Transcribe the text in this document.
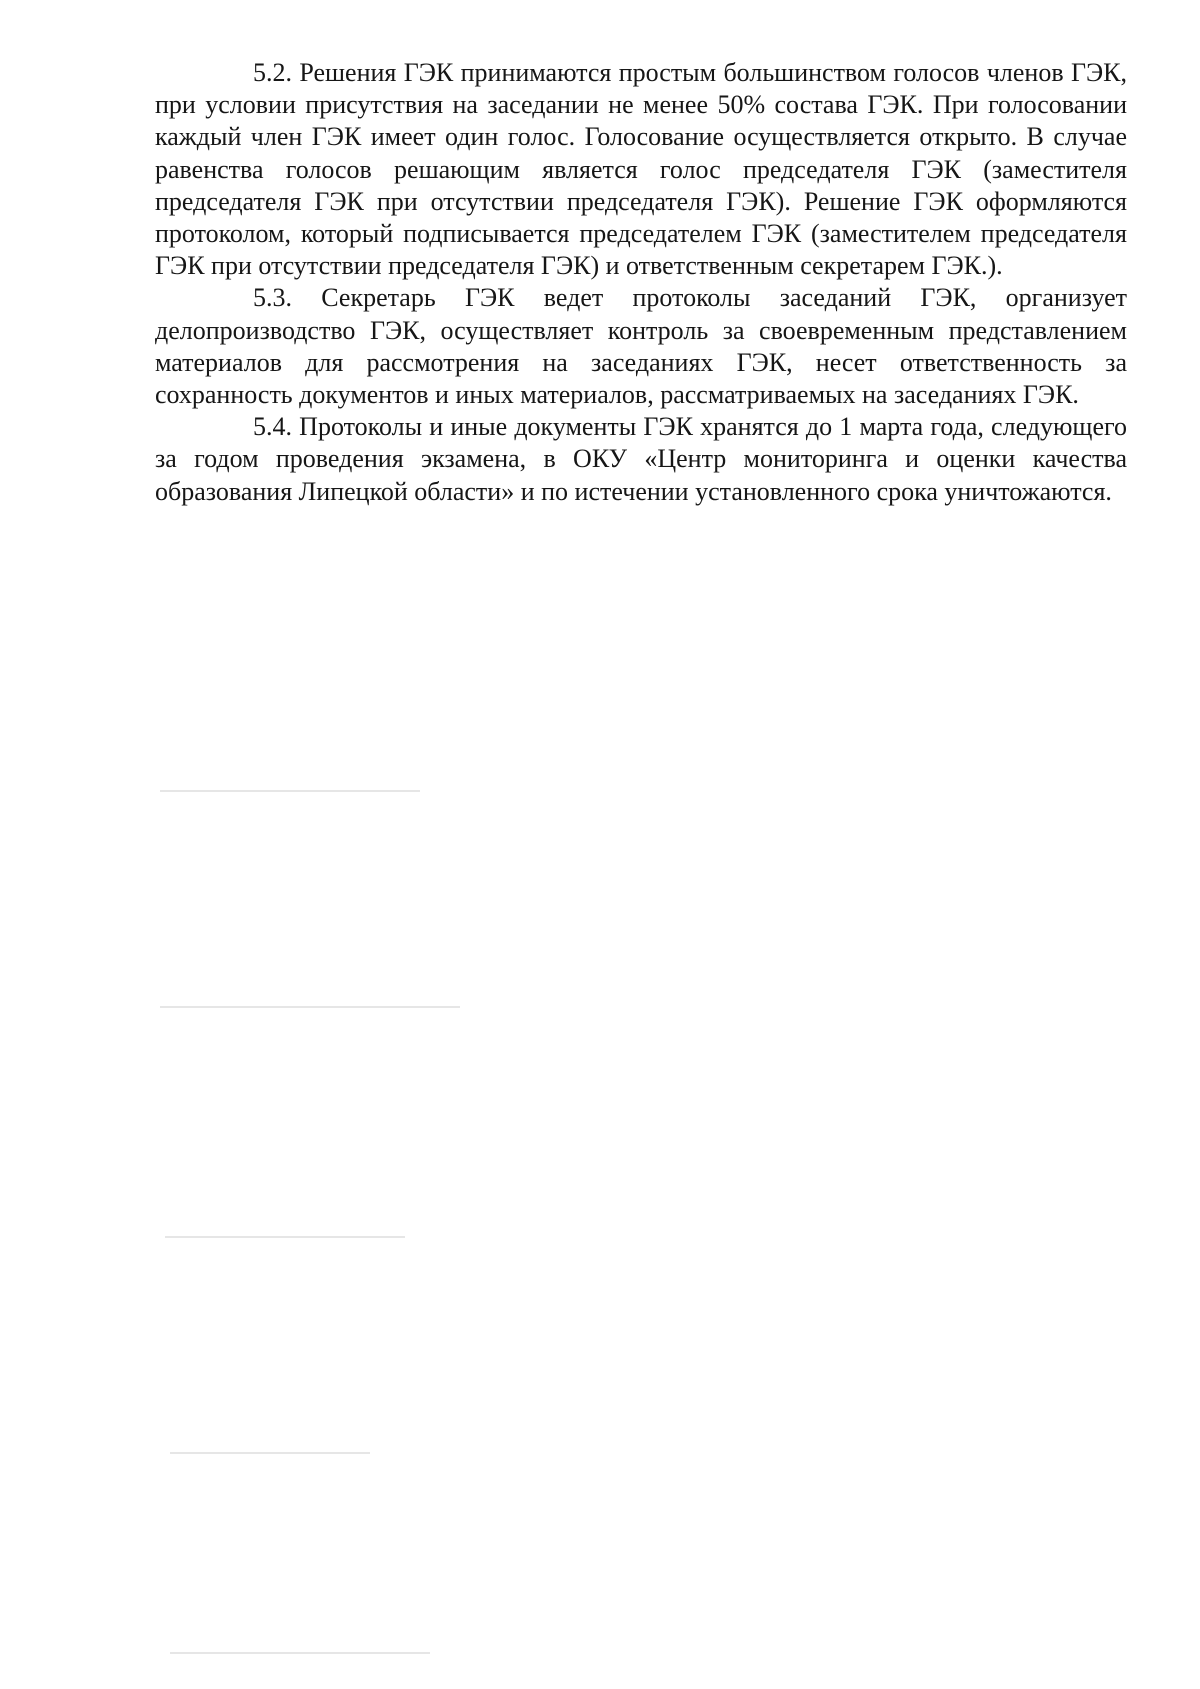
5.2. Решения ГЭК принимаются простым большинством голосов членов ГЭК, при условии присутствия на заседании не менее 50% состава ГЭК. При голосовании каждый член ГЭК имеет один голос. Голосование осуществляется открыто. В случае равенства голосов решающим является голос председателя ГЭК (заместителя председателя ГЭК при отсутствии председателя ГЭК). Решение ГЭК оформляются протоколом, который подписывается председателем ГЭК (заместителем председателя ГЭК при отсутствии председателя ГЭК) и ответственным секретарем ГЭК.).

5.3. Секретарь ГЭК ведет протоколы заседаний ГЭК, организует делопроизводство ГЭК, осуществляет контроль за своевременным представлением материалов для рассмотрения на заседаниях ГЭК, несет ответственность за сохранность документов и иных материалов, рассматриваемых на заседаниях ГЭК.

5.4. Протоколы и иные документы ГЭК хранятся до 1 марта года, следующего за годом проведения экзамена, в ОКУ «Центр мониторинга и оценки качества образования Липецкой области» и по истечении установленного срока уничтожаются.
